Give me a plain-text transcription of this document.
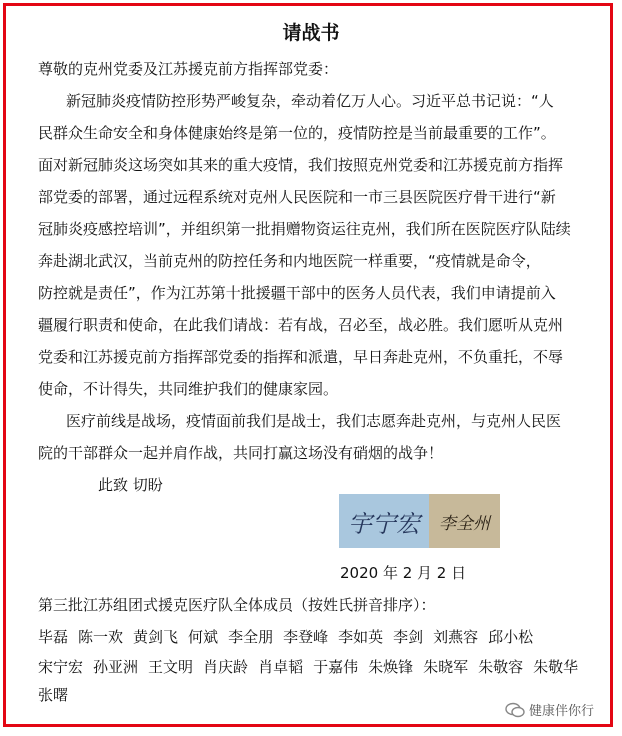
请战书
尊敬的克州党委及江苏援克前方指挥部党委：
新冠肺炎疫情防控形势严峻复杂，牵动着亿万人心。习近平总书记说：“人
民群众生命安全和身体健康始终是第一位的，疫情防控是当前最重要的工作”。
面对新冠肺炎这场突如其来的重大疫情，我们按照克州党委和江苏援克前方指挥
部党委的部署，通过远程系统对克州人民医院和一市三县医院医疗骨干进行“新
冠肺炎疫感控培训”，并组织第一批捐赠物资运往克州，我们所在医院医疗队陆续
奔赴湖北武汉，当前克州的防控任务和内地医院一样重要，“疫情就是命令，
防控就是责任”，作为江苏第十批援疆干部中的医务人员代表，我们申请提前入
疆履行职责和使命，在此我们请战：若有战，召必至，战必胜。我们愿听从克州
党委和江苏援克前方指挥部党委的指挥和派遣，早日奔赴克州，不负重托，不辱
使命，不计得失，共同维护我们的健康家园。
医疗前线是战场，疫情面前我们是战士，我们志愿奔赴克州，与克州人民医
院的干部群众一起并肩作战，共同打赢这场没有硝烟的战争！
此致 切盼
宇宁宏	李全州
2020 年 2 月 2 日
第三批江苏组团式援克医疗队全体成员（按姓氏拼音排序）：
毕磊 陈一欢 黄剑飞 何斌 李全朋 李登峰 李如英 李剑 刘燕容 邱小松
宋宁宏 孙亚洲 王文明 肖庆龄 肖卓韬 于嘉伟 朱焕锋 朱晓军 朱敬容 朱敬华
张曙
健康伴你行
